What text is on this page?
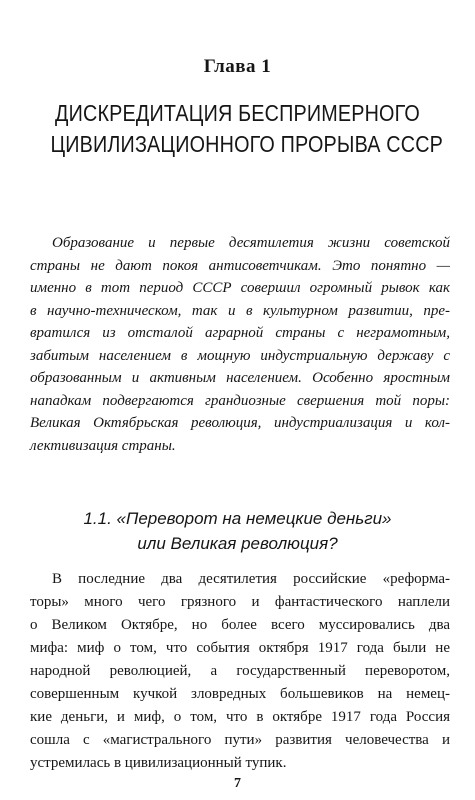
Глава 1
ДИСКРЕДИТАЦИЯ БЕСПРИМЕРНОГО
ЦИВИЛИЗАЦИОННОГО ПРОРЫВА СССР
Образование и первые десятилетия жизни советской
страны не дают покоя антисоветчикам. Это понятно —
именно в тот период СССР совершил огромный рывок как
в научно-техническом, так и в культурном развитии, пре-
вратился из отсталой аграрной страны с неграмотным,
забитым населением в мощную индустриальную державу с
образованным и активным населением. Особенно яростным
нападкам подвергаются грандиозные свершения той поры:
Великая Октябрьская революция, индустриализация и кол-
лективизация страны.
1.1. «Переворот на немецкие деньги»
или Великая революция?
В последние два десятилетия российские «реформа-
торы» много чего грязного и фантастического наплели
о Великом Октябре, но более всего муссировались два
мифа: миф о том, что события октября 1917 года были не
народной революцией, а государственный переворотом,
совершенным кучкой зловредных большевиков на немец-
кие деньги, и миф, о том, что в октябре 1917 года Россия
сошла с «магистрального пути» развития человечества и
устремилась в цивилизационный тупик.
7
